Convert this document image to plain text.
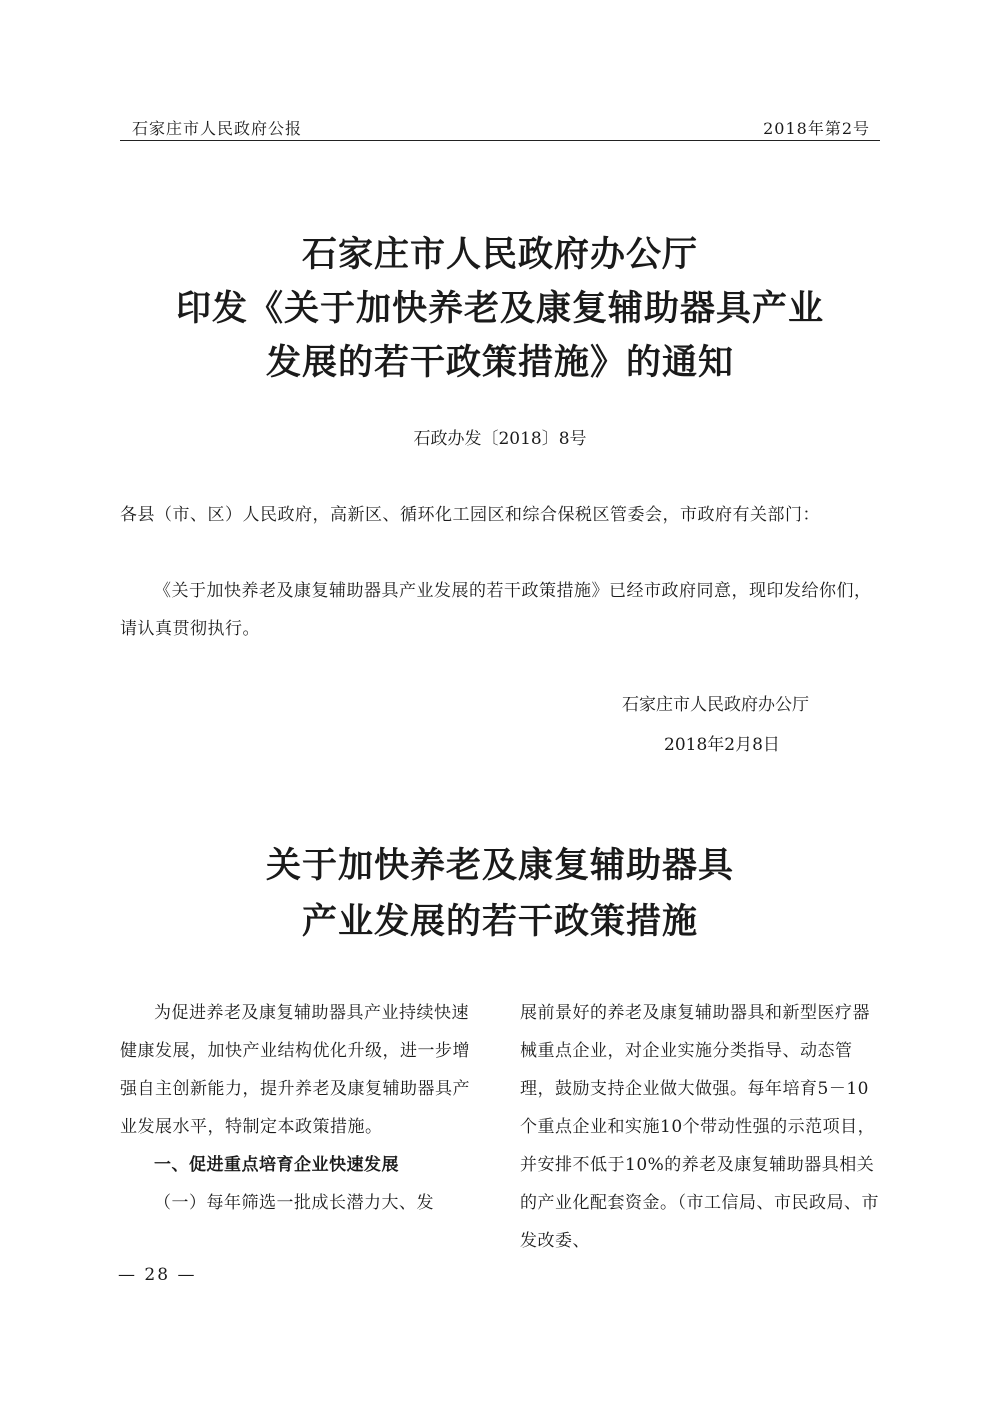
石家庄市人民政府公报	2018年第2号
石家庄市人民政府办公厅
印发《关于加快养老及康复辅助器具产业
发展的若干政策措施》的通知
石政办发〔2018〕8号
各县（市、区）人民政府，高新区、循环化工园区和综合保税区管委会，市政府有关部门：
《关于加快养老及康复辅助器具产业发展的若干政策措施》已经市政府同意，现印发给你们，请认真贯彻执行。
石家庄市人民政府办公厅
2018年2月8日
关于加快养老及康复辅助器具
产业发展的若干政策措施
为促进养老及康复辅助器具产业持续快速健康发展，加快产业结构优化升级，进一步增强自主创新能力，提升养老及康复辅助器具产业发展水平，特制定本政策措施。
一、促进重点培育企业快速发展
（一）每年筛选一批成长潜力大、发
展前景好的养老及康复辅助器具和新型医疗器械重点企业，对企业实施分类指导、动态管理，鼓励支持企业做大做强。每年培育5－10个重点企业和实施10个带动性强的示范项目，并安排不低于10%的养老及康复辅助器具相关的产业化配套资金。（市工信局、市民政局、市发改委、
— 28 —
